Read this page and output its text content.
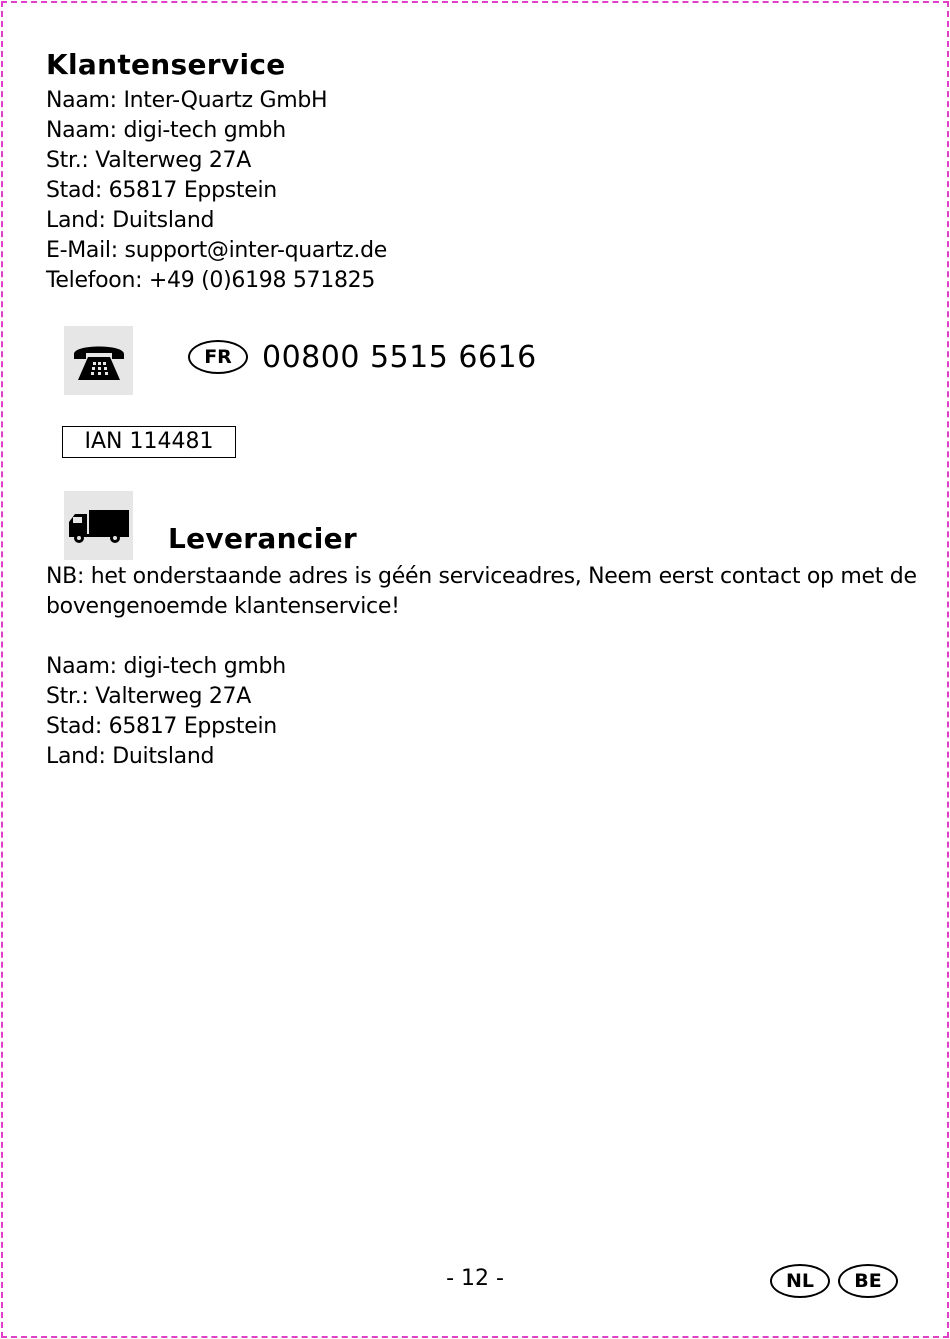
Klantenservice
Naam: Inter-Quartz GmbH
Naam: digi-tech gmbh
Str.: Valterweg 27A
Stad: 65817 Eppstein
Land: Duitsland
E-Mail: support@inter-quartz.de
Telefoon: +49 (0)6198 571825
FR	00800 5515 6616
IAN 114481
Leverancier
NB: het onderstaande adres is géén serviceadres, Neem eerst contact op met de
bovengenoemde klantenservice!
Naam: digi-tech gmbh
Str.: Valterweg 27A
Stad: 65817 Eppstein
Land: Duitsland
- 12 -	NL	BE
